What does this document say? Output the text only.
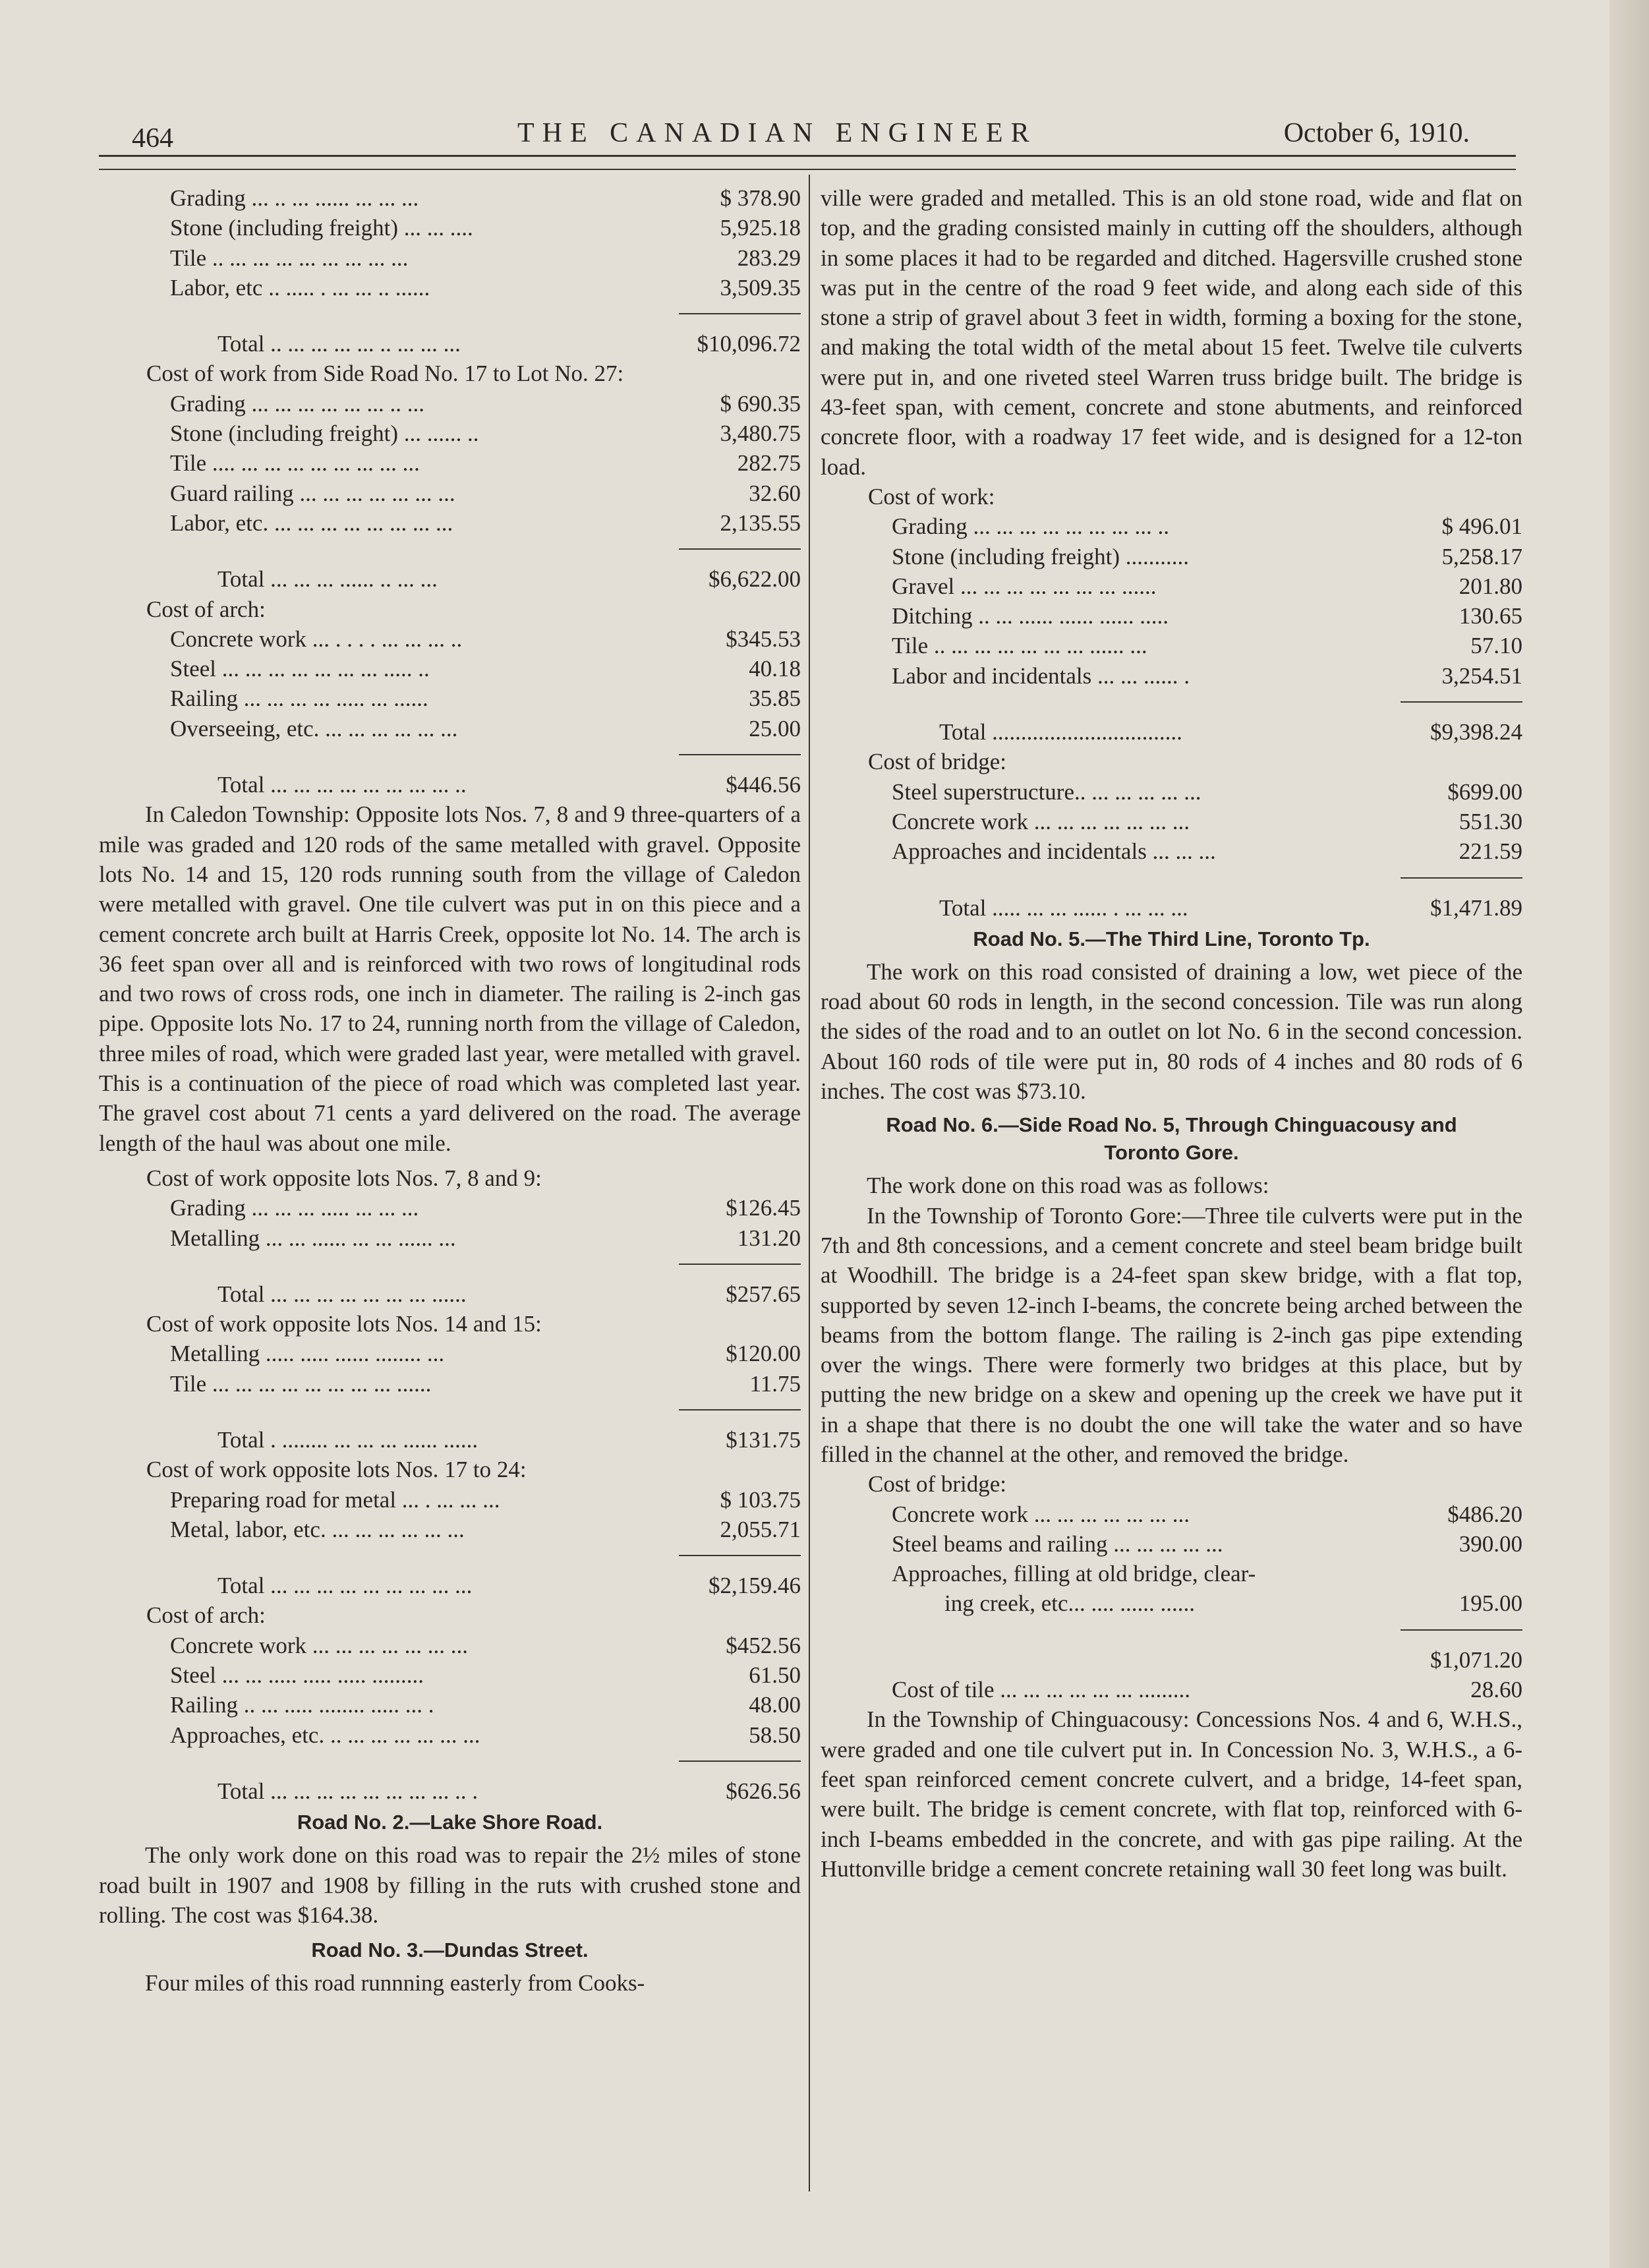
464	THE CANADIAN ENGINEER	October 6, 1910.
Grading ... .. ... ...... ... ... ...	$ 378.90
Stone (including freight) ... ... ....	5,925.18
Tile .. ... ... ... ... ... ... ... ...	283.29
Labor, etc .. ..... . ... ... .. ......	3,509.35
Total .. ... ... ... ... .. ... ... ...	$10,096.72

Cost of work from Side Road No. 17 to Lot No. 27:

Grading ... ... ... ... ... ... .. ...	$ 690.35
Stone (including freight) ... ...... ..	3,480.75
Tile .... ... ... ... ... ... ... ... ...	282.75
Guard railing ... ... ... ... ... ... ...	32.60
Labor, etc. ... ... ... ... ... ... ... ...	2,135.55
Total ... ... ... ...... .. ... ...	$6,622.00

Cost of arch:

Concrete work ... . . . . ... ... ... ..	$345.53
Steel ... ... ... ... ... ... ... ..... ..	40.18
Railing ... ... ... ... ..... ... ......	35.85
Overseeing, etc. ... ... ... ... ... ...	25.00
Total ... ... ... ... ... ... ... ... ..	$446.56

In Caledon Township: Opposite lots Nos. 7, 8 and 9 three-quarters of a mile was graded and 120 rods of the same metalled with gravel. Opposite lots No. 14 and 15, 120 rods running south from the village of Caledon were metalled with gravel. One tile culvert was put in on this piece and a cement concrete arch built at Harris Creek, opposite lot No. 14. The arch is 36 feet span over all and is reinforced with two rows of longitudinal rods and two rows of cross rods, one inch in diameter. The railing is 2-inch gas pipe. Opposite lots No. 17 to 24, running north from the village of Caledon, three miles of road, which were graded last year, were metalled with gravel. This is a continuation of the piece of road which was completed last year. The gravel cost about 71 cents a yard delivered on the road. The average length of the haul was about one mile.

Cost of work opposite lots Nos. 7, 8 and 9:

Grading ... ... ... ..... ... ... ...	$126.45
Metalling ... ... ...... ... ... ...... ...	131.20
Total ... ... ... ... ... ... ... ......	$257.65

Cost of work opposite lots Nos. 14 and 15:

Metalling ..... ..... ...... ........ ...	$120.00
Tile ... ... ... ... ... ... ... ... ......	11.75
Total . ........ ... ... ... ...... ......	$131.75

Cost of work opposite lots Nos. 17 to 24:

Preparing road for metal ... . ... ... ...	$ 103.75
Metal, labor, etc. ... ... ... ... ... ...	2,055.71
Total ... ... ... ... ... ... ... ... ...	$2,159.46

Cost of arch:

Concrete work ... ... ... ... ... ... ...	$452.56
Steel ... ... ..... ..... ..... .........	61.50
Railing .. ... ..... ........ ..... ... .	48.00
Approaches, etc. .. ... ... ... ... ... ...	58.50
Total ... ... ... ... ... ... ... ... .. .	$626.56
Road No. 2.—Lake Shore Road.

The only work done on this road was to repair the 2½ miles of stone road built in 1907 and 1908 by filling in the ruts with crushed stone and rolling. The cost was $164.38.

Road No. 3.—Dundas Street.

Four miles of this road runnning easterly from Cooks-

ville were graded and metalled. This is an old stone road, wide and flat on top, and the grading consisted mainly in cutting off the shoulders, although in some places it had to be regarded and ditched. Hagersville crushed stone was put in the centre of the road 9 feet wide, and along each side of this stone a strip of gravel about 3 feet in width, forming a boxing for the stone, and making the total width of the metal about 15 feet. Twelve tile culverts were put in, and one riveted steel Warren truss bridge built. The bridge is 43-feet span, with cement, concrete and stone abutments, and reinforced concrete floor, with a roadway 17 feet wide, and is designed for a 12-ton load.

Cost of work:

Grading ... ... ... ... ... ... ... ... ..	$ 496.01
Stone (including freight) ...........	5,258.17
Gravel ... ... ... ... ... ... ... ......	201.80
Ditching .. ... ...... ...... ...... .....	130.65
Tile .. ... ... ... ... ... ... ...... ...	57.10
Labor and incidentals ... ... ...... .	3,254.51
Total .................................	$9,398.24

Cost of bridge:

Steel superstructure.. ... ... ... ... ...	$699.00
Concrete work ... ... ... ... ... ... ...	551.30
Approaches and incidentals ... ... ...	221.59
Total ..... ... ... ...... . ... ... ...	$1,471.89
Road No. 5.—The Third Line, Toronto Tp.

The work on this road consisted of draining a low, wet piece of the road about 60 rods in length, in the second concession. Tile was run along the sides of the road and to an outlet on lot No. 6 in the second concession. About 160 rods of tile were put in, 80 rods of 4 inches and 80 rods of 6 inches. The cost was $73.10.

Road No. 6.—Side Road No. 5, Through Chinguacousy and Toronto Gore.

The work done on this road was as follows:

In the Township of Toronto Gore:—Three tile culverts were put in the 7th and 8th concessions, and a cement concrete and steel beam bridge built at Woodhill. The bridge is a 24-feet span skew bridge, with a flat top, supported by seven 12-inch I-beams, the concrete being arched between the beams from the bottom flange. The railing is 2-inch gas pipe extending over the wings. There were formerly two bridges at this place, but by putting the new bridge on a skew and opening up the creek we have put it in a shape that there is no doubt the one will take the water and so have filled in the channel at the other, and removed the bridge.

Cost of bridge:

Concrete work ... ... ... ... ... ... ...	$486.20
Steel beams and railing ... ... ... ... ...	390.00
Approaches, filling at old bridge, clear-
ing creek, etc... .... ...... ......	195.00

$1,071.20

Cost of tile ... ... ... ... ... ... .........	28.60

In the Township of Chinguacousy: Concessions Nos. 4 and 6, W.H.S., were graded and one tile culvert put in. In Concession No. 3, W.H.S., a 6-feet span reinforced cement concrete culvert, and a bridge, 14-feet span, were built. The bridge is cement concrete, with flat top, reinforced with 6-inch I-beams embedded in the concrete, and with gas pipe railing. At the Huttonville bridge a cement concrete retaining wall 30 feet long was built.
